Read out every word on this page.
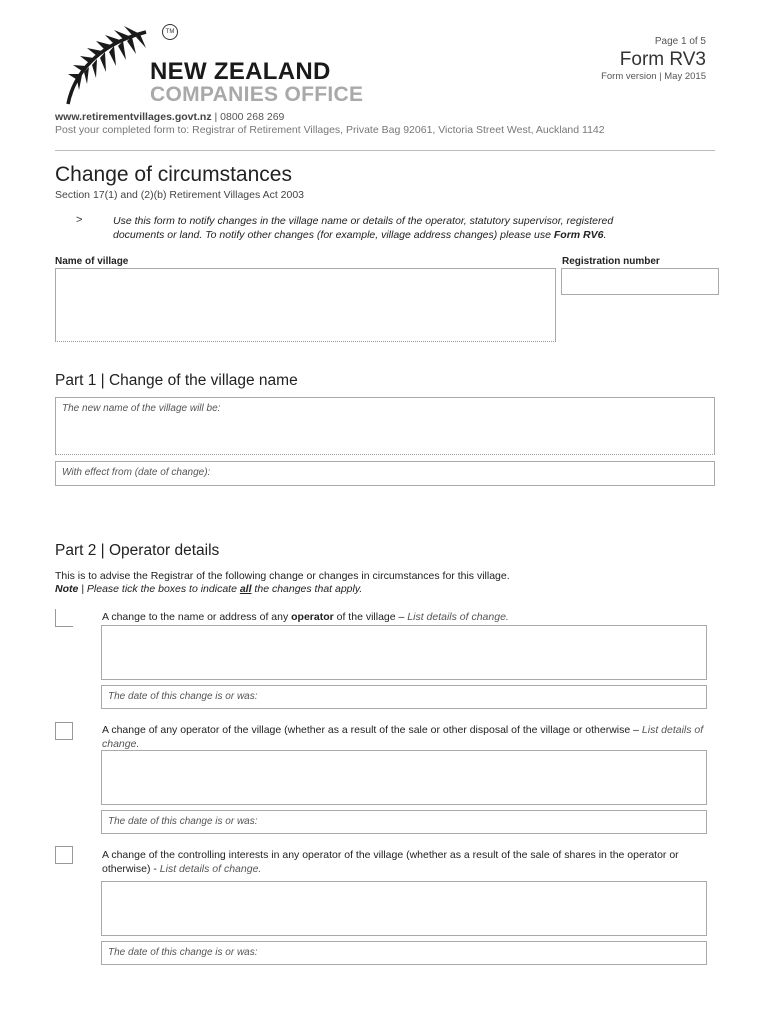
TM
NEW ZEALAND
COMPANIES OFFICE
Page 1 of 5
Form RV3
Form version | May 2015
www.retirementvillages.govt.nz | 0800 268 269
Post your completed form to: Registrar of Retirement Villages, Private Bag 92061, Victoria Street West, Auckland 1142
Change of circumstances
Section 17(1) and (2)(b) Retirement Villages Act 2003
>	Use this form to notify changes in the village name or details of the operator, statutory supervisor, registered documents or land. To notify other changes (for example, village address changes) please use Form RV6.
Name of village	Registration number
Part 1 | Change of the village name
The new name of the village will be:
With effect from (date of change):
Part 2 | Operator details
This is to advise the Registrar of the following change or changes in circumstances for this village.
Note | Please tick the boxes to indicate all the changes that apply.
A change to the name or address of any operator of the village – List details of change.
The date of this change is or was:
A change of any operator of the village (whether as a result of the sale or other disposal of the village or otherwise – List details of change.
The date of this change is or was:
A change of the controlling interests in any operator of the village (whether as a result of the sale of shares in the operator or otherwise) - List details of change.
The date of this change is or was:
